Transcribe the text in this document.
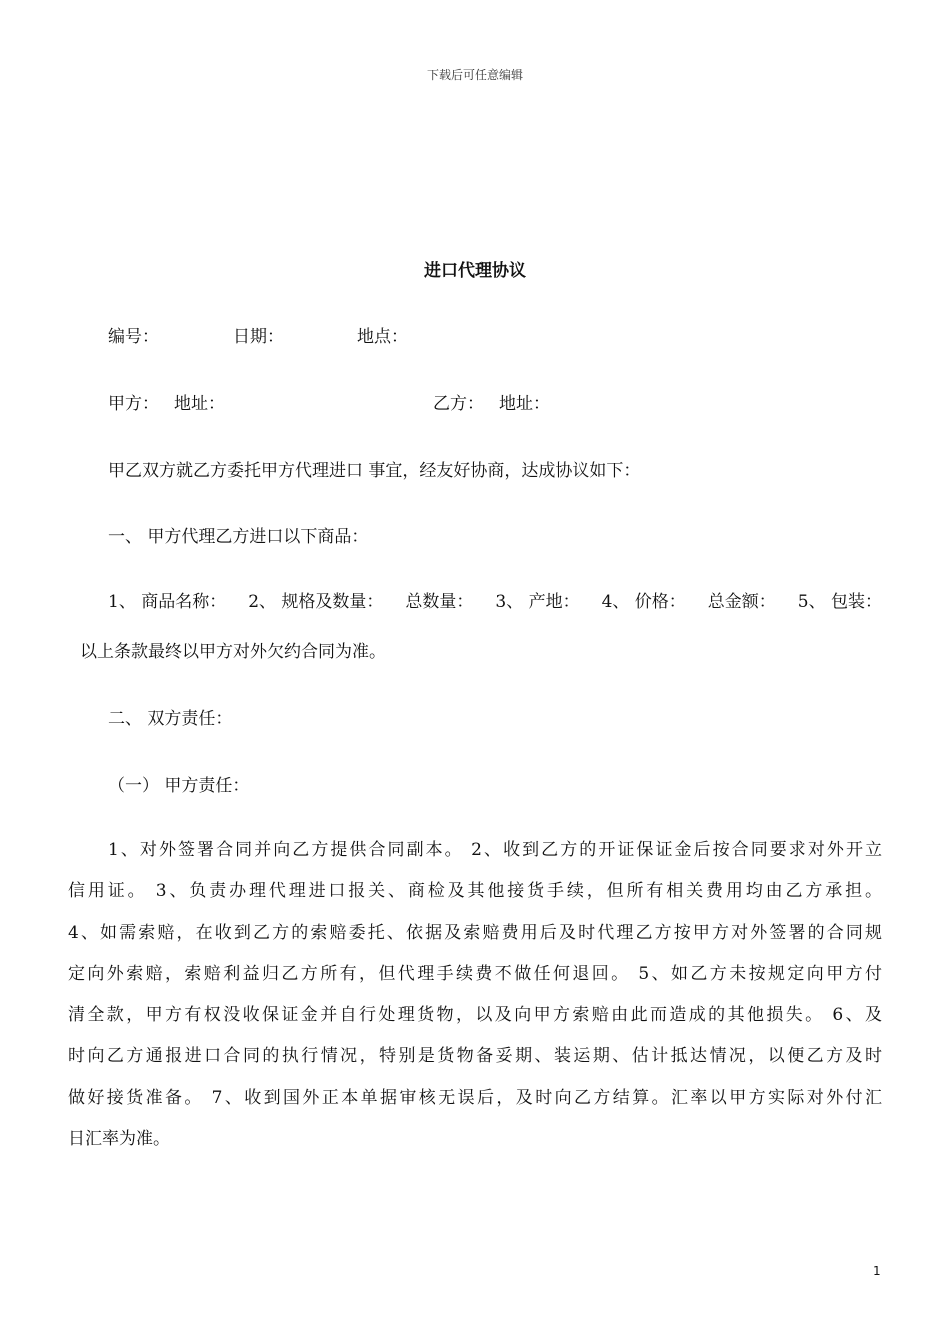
下载后可任意编辑
进口代理协议
编号：	日期：	地点：
甲方： 地址：	乙方： 地址：
甲乙双方就乙方委托甲方代理进口 事宜，经友好协商，达成协议如下：
一、 甲方代理乙方进口以下商品：
1、 商品名称： 2、 规格及数量： 总数量： 3、 产地： 4、 价格： 总金额： 5、 包装：
以上条款最终以甲方对外欠约合同为准。
二、 双方责任：
（一） 甲方责任：
1、对外签署合同并向乙方提供合同副本。 2、收到乙方的开证保证金后按合同要求对外开立
信用证。 3、负责办理代理进口报关、商检及其他接货手续，但所有相关费用均由乙方承担。
4、如需索赔，在收到乙方的索赔委托、依据及索赔费用后及时代理乙方按甲方对外签署的合同规
定向外索赔，索赔利益归乙方所有，但代理手续费不做任何退回。 5、如乙方未按规定向甲方付
清全款，甲方有权没收保证金并自行处理货物，以及向甲方索赔由此而造成的其他损失。 6、及
时向乙方通报进口合同的执行情况，特别是货物备妥期、装运期、估计抵达情况，以便乙方及时
做好接货准备。 7、收到国外正本单据审核无误后，及时向乙方结算。汇率以甲方实际对外付汇
日汇率为准。
1
